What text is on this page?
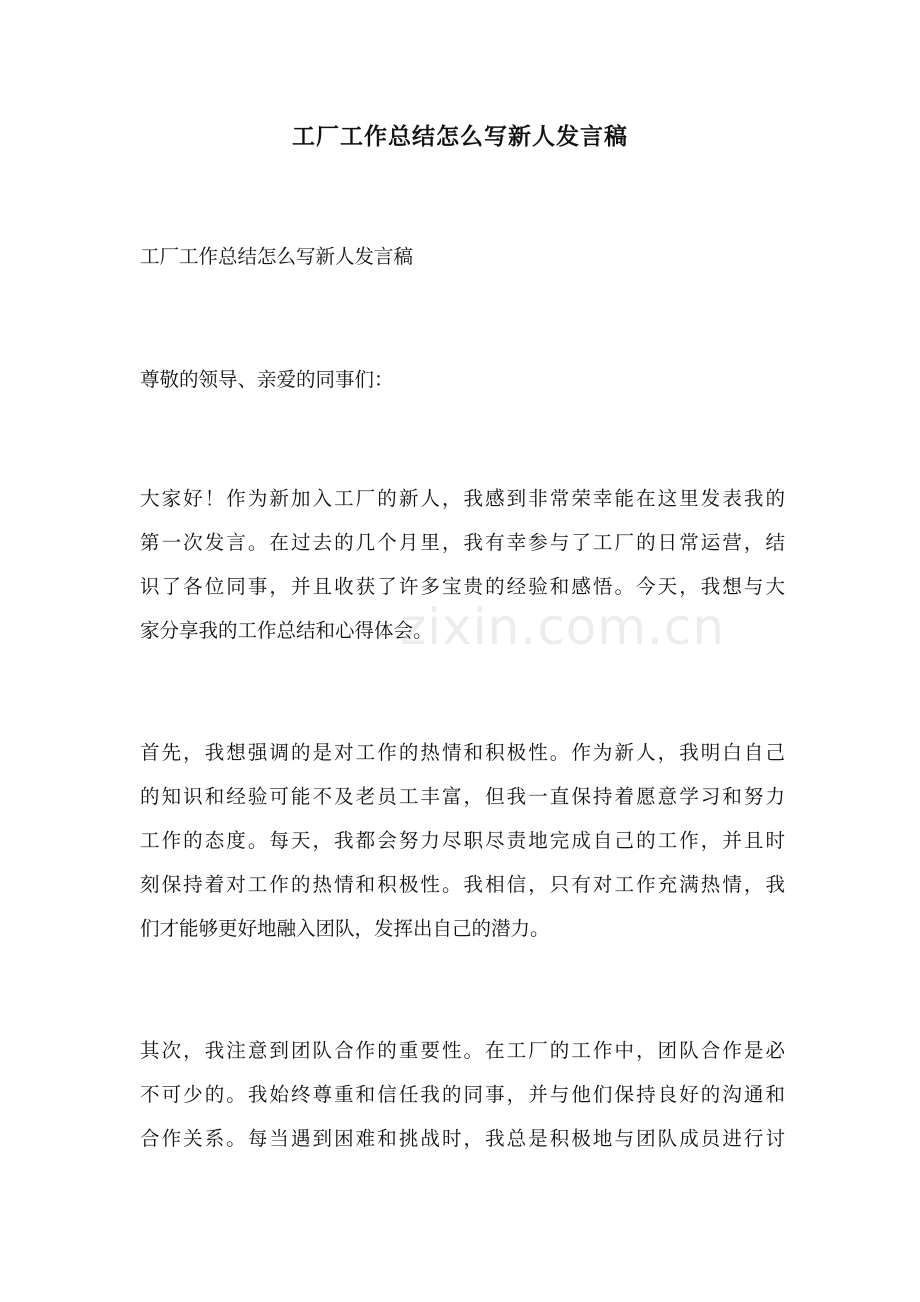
工厂工作总结怎么写新人发言稿
工厂工作总结怎么写新人发言稿
尊敬的领导、亲爱的同事们：
大家好！作为新加入工厂的新人，我感到非常荣幸能在这里发表我的
第一次发言。在过去的几个月里，我有幸参与了工厂的日常运营，结
识了各位同事，并且收获了许多宝贵的经验和感悟。今天，我想与大
家分享我的工作总结和心得体会。
首先，我想强调的是对工作的热情和积极性。作为新人，我明白自己
的知识和经验可能不及老员工丰富，但我一直保持着愿意学习和努力
工作的态度。每天，我都会努力尽职尽责地完成自己的工作，并且时
刻保持着对工作的热情和积极性。我相信，只有对工作充满热情，我
们才能够更好地融入团队，发挥出自己的潜力。
其次，我注意到团队合作的重要性。在工厂的工作中，团队合作是必
不可少的。我始终尊重和信任我的同事，并与他们保持良好的沟通和
合作关系。每当遇到困难和挑战时，我总是积极地与团队成员进行讨
zixin.com.cn
